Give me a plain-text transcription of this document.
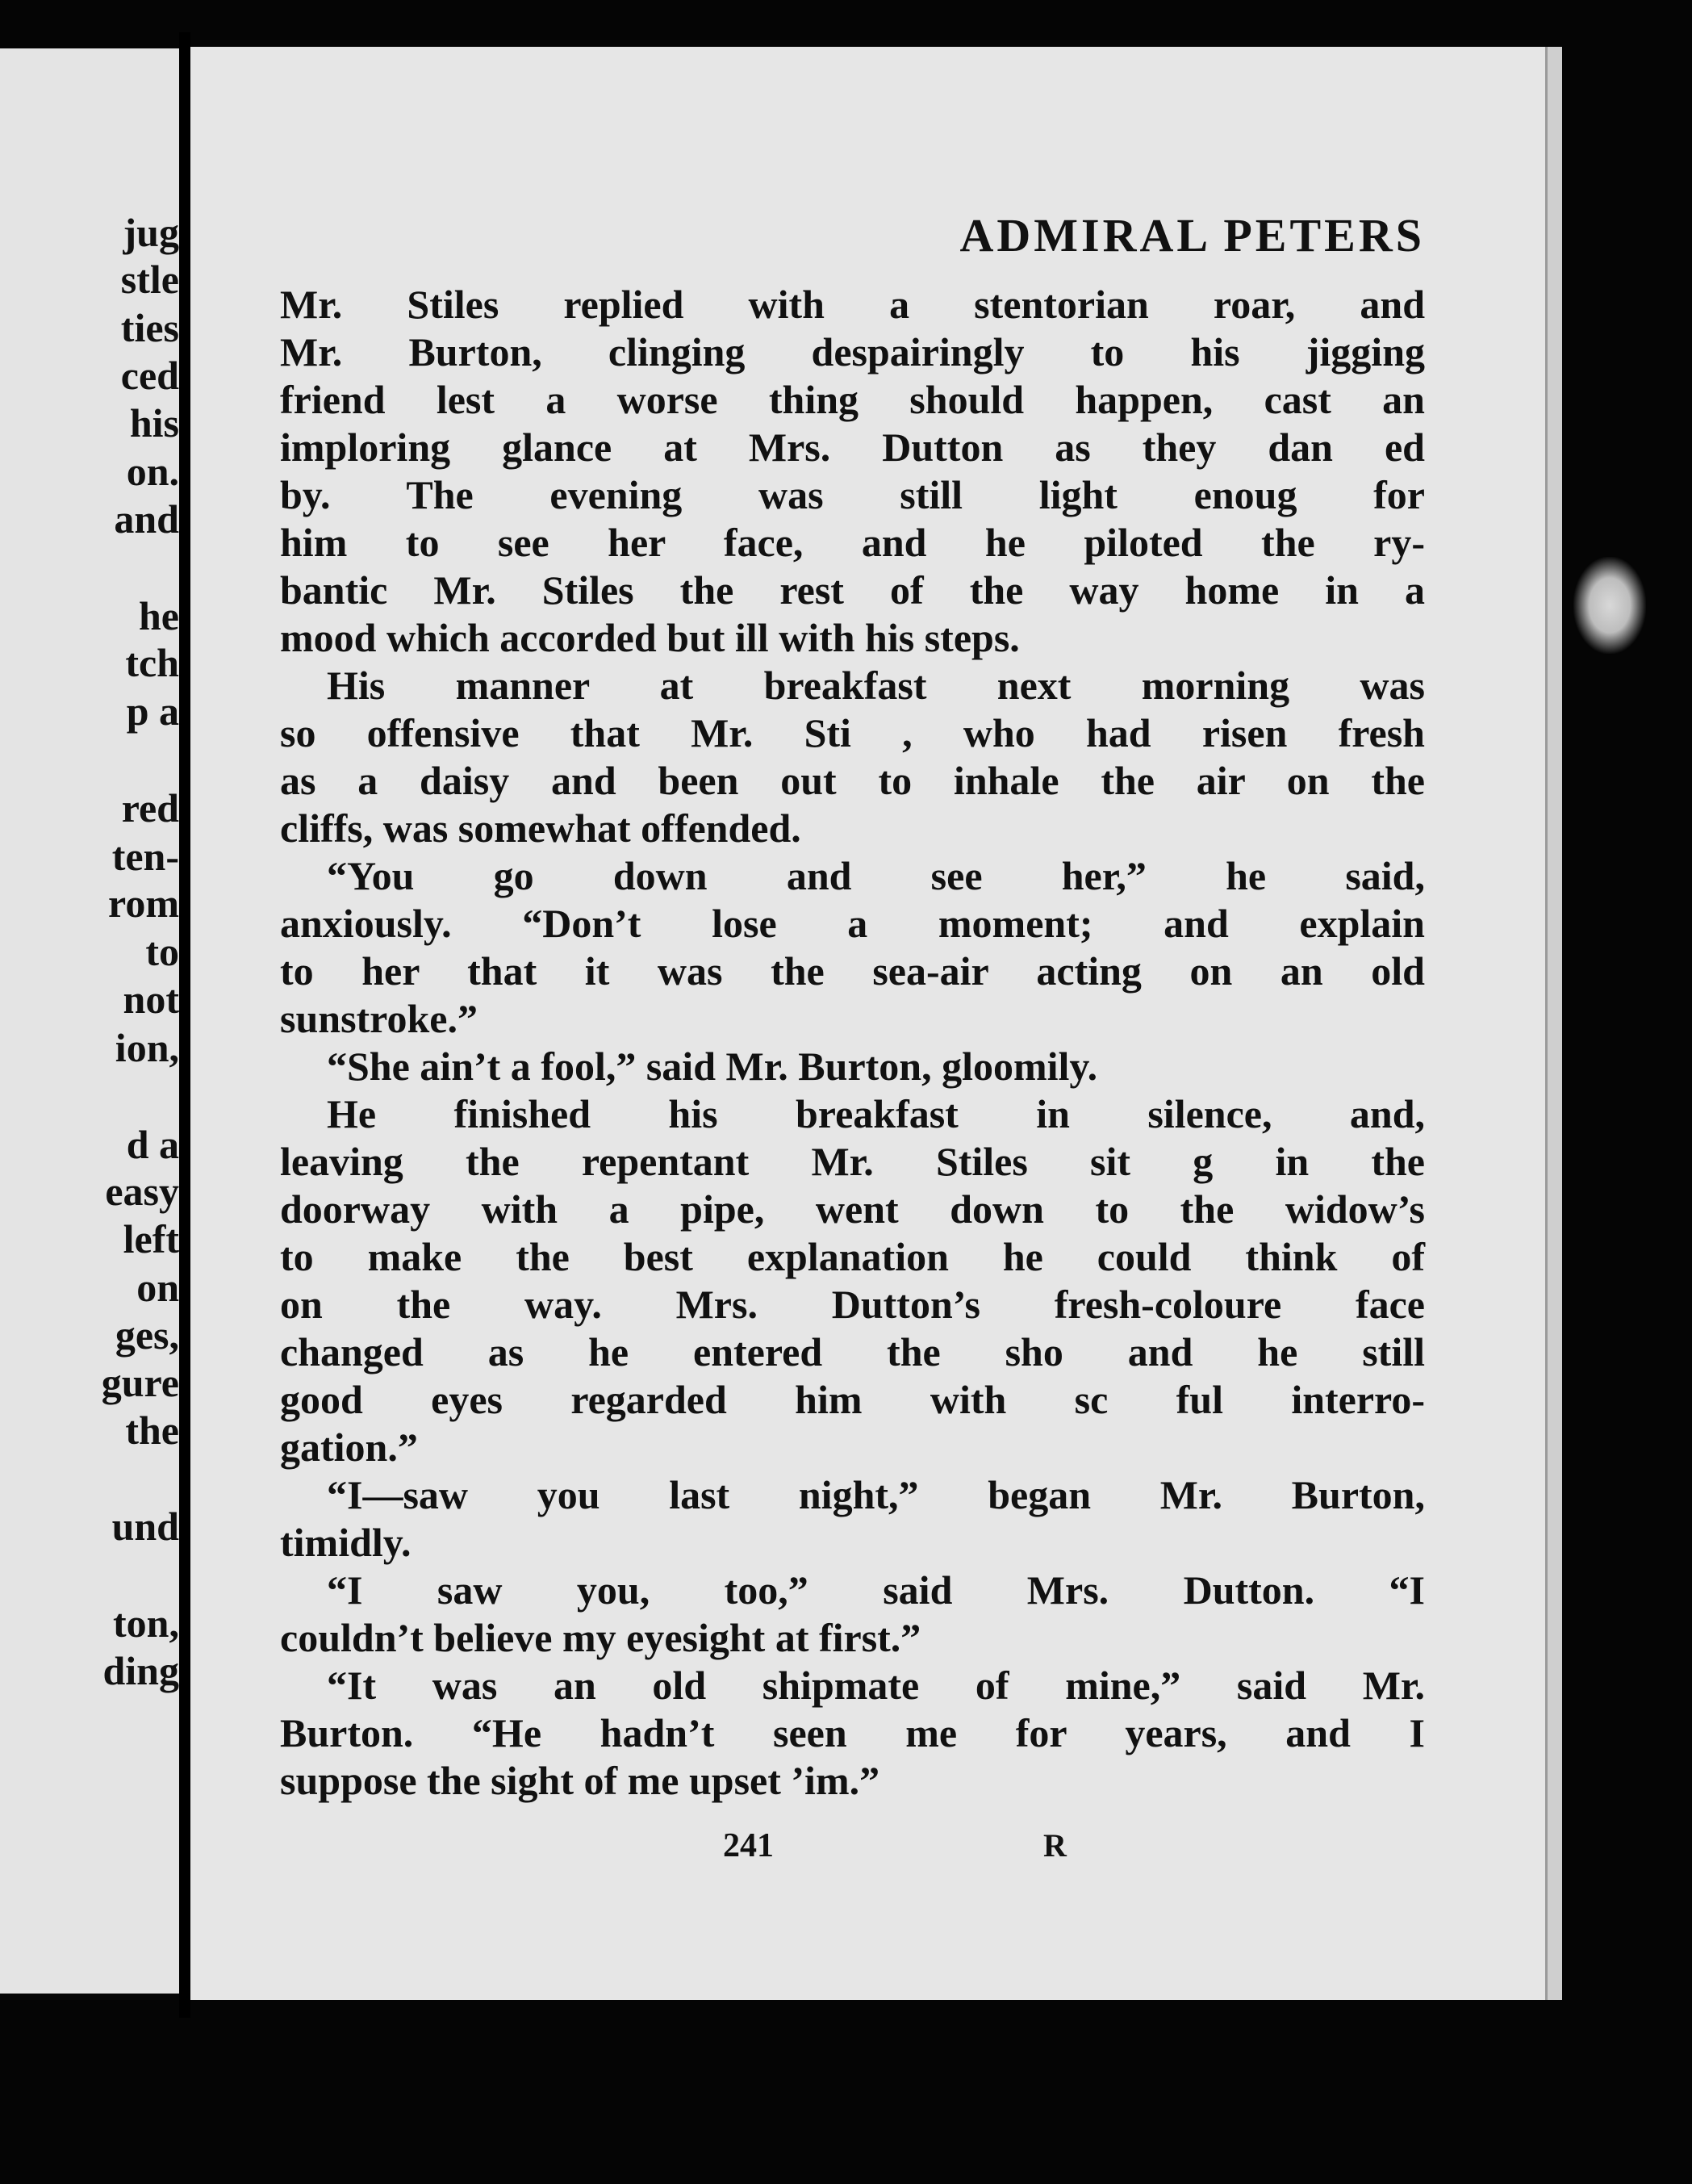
jug
stle
ties
ced
his
on.
and
he
tch
p a
red
ten-
rom
to
not
ion,
d a
easy
left
on
ges,
gure
the
und
ton,
ding
ADMIRAL PETERS
Mr. Stiles replied with a stentorian roar, and
Mr. Burton, clinging despairingly to his jigging
friend lest a worse thing should happen, cast an
imploring glance at Mrs. Dutton as they dan ed
by. The evening was still light enoug for
him to see her face, and he piloted the ry-
bantic Mr. Stiles the rest of the way home in a
mood which accorded but ill with his steps.
His manner at breakfast next morning was
so offensive that Mr. Sti , who had risen fresh
as a daisy and been out to inhale the air on the
cliffs, was somewhat offended.
“You go down and see her,” he said,
anxiously. “Don’t lose a moment; and explain
to her that it was the sea-air acting on an old
sunstroke.”
“She ain’t a fool,” said Mr. Burton, gloomily.
He finished his breakfast in silence, and,
leaving the repentant Mr. Stiles sit g in the
doorway with a pipe, went down to the widow’s
to make the best explanation he could think of
on the way. Mrs. Dutton’s fresh-coloure face
changed as he entered the sho and he still
good eyes regarded him with sc ful interro-
gation.”
“I—saw you last night,” began Mr. Burton,
timidly.
“I saw you, too,” said Mrs. Dutton. “I
couldn’t believe my eyesight at first.”
“It was an old shipmate of mine,” said Mr.
Burton. “He hadn’t seen me for years, and I
suppose the sight of me upset ’im.”
241	R
